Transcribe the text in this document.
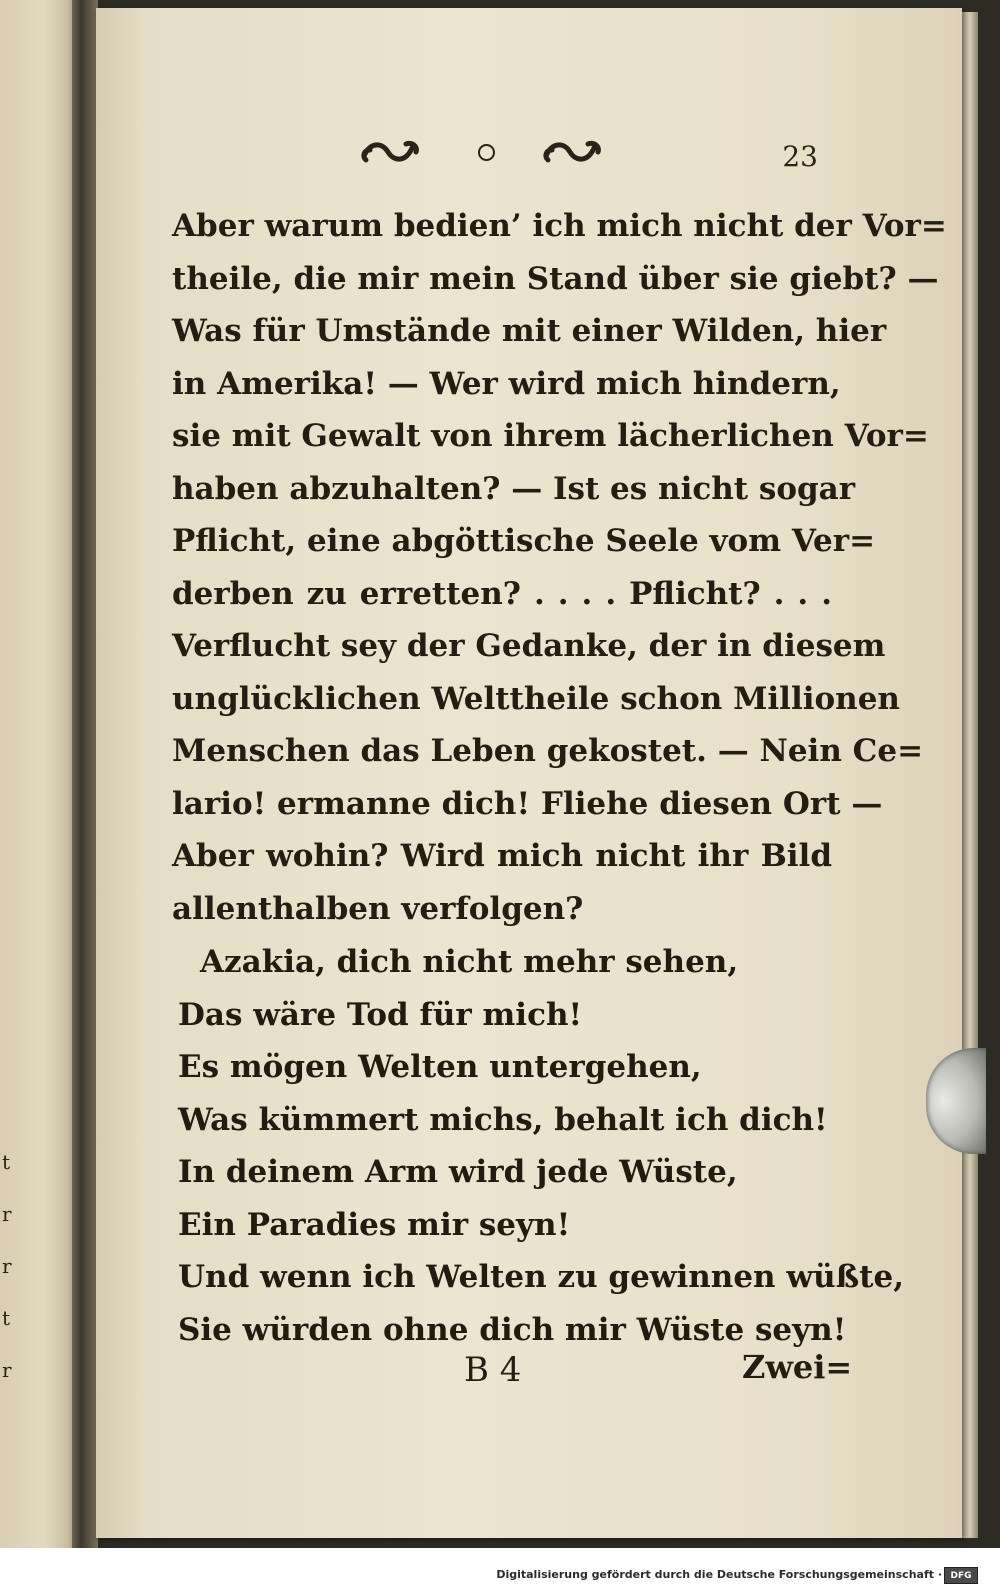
t
r
r
t
r
23
Aber warum bedien’ ich mich nicht der Vor=
theile, die mir mein Stand über sie giebt? —
Was für Umstände mit einer Wilden, hier
in Amerika! — Wer wird mich hindern,
sie mit Gewalt von ihrem lächerlichen Vor=
haben abzuhalten? — Ist es nicht sogar
Pflicht, eine abgöttische Seele vom Ver=
derben zu erretten? . . . . Pflicht? . . .
Verflucht sey der Gedanke, der in diesem
unglücklichen Welttheile schon Millionen
Menschen das Leben gekostet. — Nein Ce=
lario! ermanne dich! Fliehe diesen Ort —
Aber wohin? Wird mich nicht ihr Bild
allenthalben verfolgen?
Azakia, dich nicht mehr sehen,
Das wäre Tod für mich!
Es mögen Welten untergehen,
Was kümmert michs, behalt ich dich!
In deinem Arm wird jede Wüste,
Ein Paradies mir seyn!
Und wenn ich Welten zu gewinnen wüßte,
Sie würden ohne dich mir Wüste seyn!
B 4	Zwei=
Digitalisierung gefördert durch die Deutsche Forschungsgemeinschaft · DFG
